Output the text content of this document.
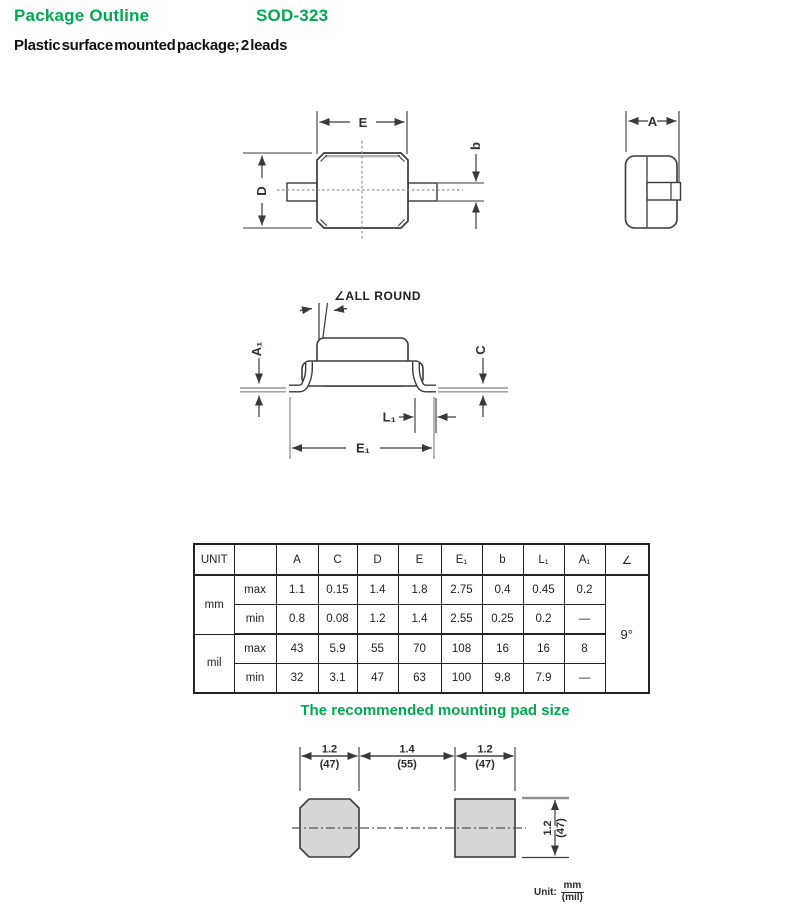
Package Outline	SOD-323
Plastic surface mounted package; 2 leads
E
D
b
A
∠ALL ROUND
A₁	C
L₁
E₁
UNIT		A	C	D	E	E₁	b	L₁	A₁	∠
mm	max	1.1	0.15	1.4	1.8	2.75	0.4	0.45	0.2	9°
	min	0.8	0.08	1.2	1.4	2.55	0.25	0.2	—	
mil	max	43	5.9	55	70	108	16	16	8	
	min	32	3.1	47	63	100	9.8	7.9	—	
The recommended mounting pad size
1.2
(47)
1.4
(55)
1.2
(47)
1.2 (47)
Unit: $\frac{mm}{\text{(mil)}}$
